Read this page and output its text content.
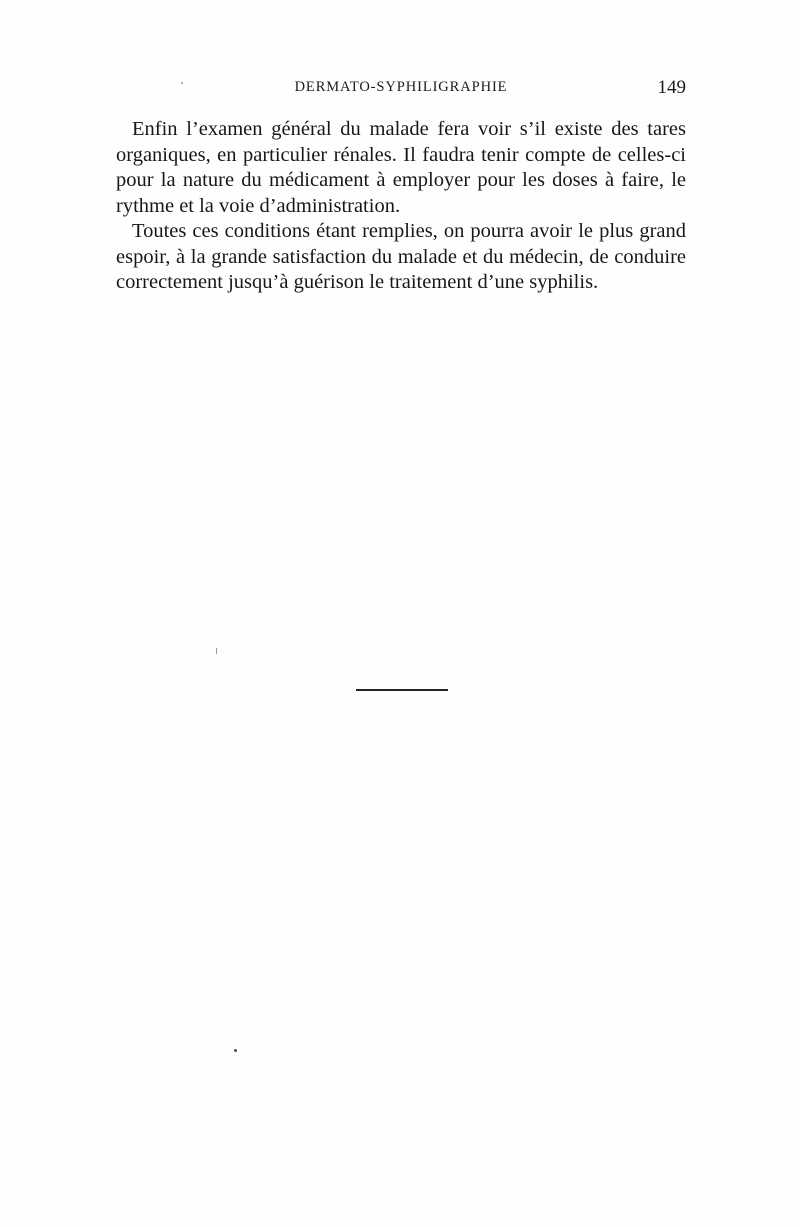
DERMATO-SYPHILIGRAPHIE	149

Enfin l’examen général du malade fera voir s’il existe des tares organiques, en particulier rénales. Il faudra tenir compte de celles-ci pour la nature du médicament à employer pour les doses à faire, le rythme et la voie d’administration.

Toutes ces conditions étant remplies, on pourra avoir le plus grand espoir, à la grande satisfaction du malade et du médecin, de conduire correctement jusqu’à guérison le traitement d’une syphilis.
